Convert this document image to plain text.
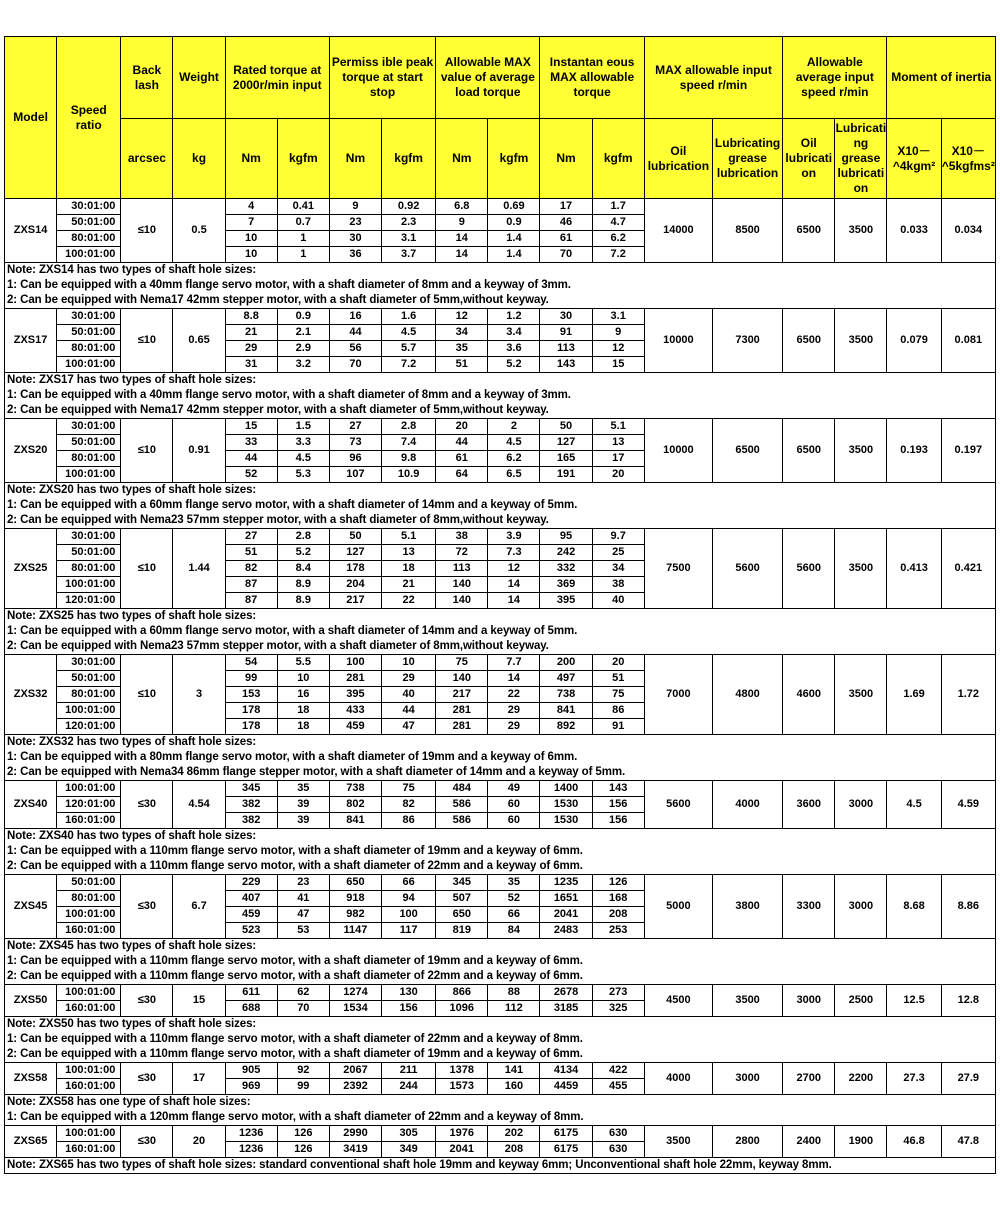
Model	Speed ratio	Back lash	Weight	Rated torque at 2000r/min input		Permiss ible peak torque at start stop		Allowable MAX value of average load torque		Instantan eous MAX allowable torque		MAX allowable input speed r/min		Allowable average input speed r/min		Moment of inertia	
		arcsec	kg	Nm	kgfm	Nm	kgfm	Nm	kgfm	Nm	kgfm	Oil lubrication	Lubricating grease lubrication	Oil lubricati on	Lubricati ng grease lubricati on	X10－^4kgm²	X10－^5kgfms²
ZXS14	30:01:00	≤10	0.5	4	0.41	9	0.92	6.8	0.69	17	1.7	14000	8500	6500	3500	0.033	0.034
	50:01:00			7	0.7	23	2.3	9	0.9	46	4.7						
	80:01:00			10	1	30	3.1	14	1.4	61	6.2						
	100:01:00			10	1	36	3.7	14	1.4	70	7.2						

Note: ZXS14 has two types of shaft hole sizes:
1: Can be equipped with a 40mm flange servo motor, with a shaft diameter of 8mm and a keyway of 3mm.
2: Can be equipped with Nema17 42mm stepper motor, with a shaft diameter of 5mm,without keyway.																	

ZXS17	30:01:00	≤10	0.65	8.8	0.9	16	1.6	12	1.2	30	3.1	10000	7300	6500	3500	0.079	0.081
	50:01:00			21	2.1	44	4.5	34	3.4	91	9						
	80:01:00			29	2.9	56	5.7	35	3.6	113	12						
	100:01:00			31	3.2	70	7.2	51	5.2	143	15						

Note: ZXS17 has two types of shaft hole sizes:
1: Can be equipped with a 40mm flange servo motor, with a shaft diameter of 8mm and a keyway of 3mm.
2: Can be equipped with Nema17 42mm stepper motor, with a shaft diameter of 5mm,without keyway.																	

ZXS20	30:01:00	≤10	0.91	15	1.5	27	2.8	20	2	50	5.1	10000	6500	6500	3500	0.193	0.197
	50:01:00			33	3.3	73	7.4	44	4.5	127	13						
	80:01:00			44	4.5	96	9.8	61	6.2	165	17						
	100:01:00			52	5.3	107	10.9	64	6.5	191	20						

Note: ZXS20 has two types of shaft hole sizes:
1: Can be equipped with a 60mm flange servo motor, with a shaft diameter of 14mm and a keyway of 5mm.
2: Can be equipped with Nema23 57mm stepper motor, with a shaft diameter of 8mm,without keyway.																	

ZXS25	30:01:00	≤10	1.44	27	2.8	50	5.1	38	3.9	95	9.7	7500	5600	5600	3500	0.413	0.421
	50:01:00			51	5.2	127	13	72	7.3	242	25						
	80:01:00			82	8.4	178	18	113	12	332	34						
	100:01:00			87	8.9	204	21	140	14	369	38						
	120:01:00			87	8.9	217	22	140	14	395	40						

Note: ZXS25 has two types of shaft hole sizes:
1: Can be equipped with a 60mm flange servo motor, with a shaft diameter of 14mm and a keyway of 5mm.
2: Can be equipped with Nema23 57mm stepper motor, with a shaft diameter of 8mm,without keyway.																	

ZXS32	30:01:00	≤10	3	54	5.5	100	10	75	7.7	200	20	7000	4800	4600	3500	1.69	1.72
	50:01:00			99	10	281	29	140	14	497	51						
	80:01:00			153	16	395	40	217	22	738	75						
	100:01:00			178	18	433	44	281	29	841	86						
	120:01:00			178	18	459	47	281	29	892	91						

Note: ZXS32 has two types of shaft hole sizes:
1: Can be equipped with a 80mm flange servo motor, with a shaft diameter of 19mm and a keyway of 6mm.
2: Can be equipped with Nema34 86mm flange stepper motor, with a shaft diameter of 14mm and a keyway of 5mm.																	

ZXS40	100:01:00	≤30	4.54	345	35	738	75	484	49	1400	143	5600	4000	3600	3000	4.5	4.59
	120:01:00			382	39	802	82	586	60	1530	156						
	160:01:00			382	39	841	86	586	60	1530	156						

Note: ZXS40 has two types of shaft hole sizes:
1: Can be equipped with a 110mm flange servo motor, with a shaft diameter of 19mm and a keyway of 6mm.
2: Can be equipped with a 110mm flange servo motor, with a shaft diameter of 22mm and a keyway of 6mm.																	

ZXS45	50:01:00	≤30	6.7	229	23	650	66	345	35	1235	126	5000	3800	3300	3000	8.68	8.86
	80:01:00			407	41	918	94	507	52	1651	168						
	100:01:00			459	47	982	100	650	66	2041	208						
	160:01:00			523	53	1147	117	819	84	2483	253						

Note: ZXS45 has two types of shaft hole sizes:
1: Can be equipped with a 110mm flange servo motor, with a shaft diameter of 19mm and a keyway of 6mm.
2: Can be equipped with a 110mm flange servo motor, with a shaft diameter of 22mm and a keyway of 6mm.																	

ZXS50	100:01:00	≤30	15	611	62	1274	130	866	88	2678	273	4500	3500	3000	2500	12.5	12.8
	160:01:00			688	70	1534	156	1096	112	3185	325						

Note: ZXS50 has two types of shaft hole sizes:
1: Can be equipped with a 110mm flange servo motor, with a shaft diameter of 22mm and a keyway of 8mm.
2: Can be equipped with a 110mm flange servo motor, with a shaft diameter of 19mm and a keyway of 6mm.																	

ZXS58	100:01:00	≤30	17	905	92	2067	211	1378	141	4134	422	4000	3000	2700	2200	27.3	27.9
	160:01:00			969	99	2392	244	1573	160	4459	455						

Note: ZXS58 has one type of shaft hole sizes:
1: Can be equipped with a 120mm flange servo motor, with a shaft diameter of 22mm and a keyway of 8mm.																	

ZXS65	100:01:00	≤30	20	1236	126	2990	305	1976	202	6175	630	3500	2800	2400	1900	46.8	47.8
	160:01:00			1236	126	3419	349	2041	208	6175	630						

Note: ZXS65 has two types of shaft hole sizes: standard conventional shaft hole 19mm and keyway 6mm; Unconventional shaft hole 22mm, keyway 8mm.																	
